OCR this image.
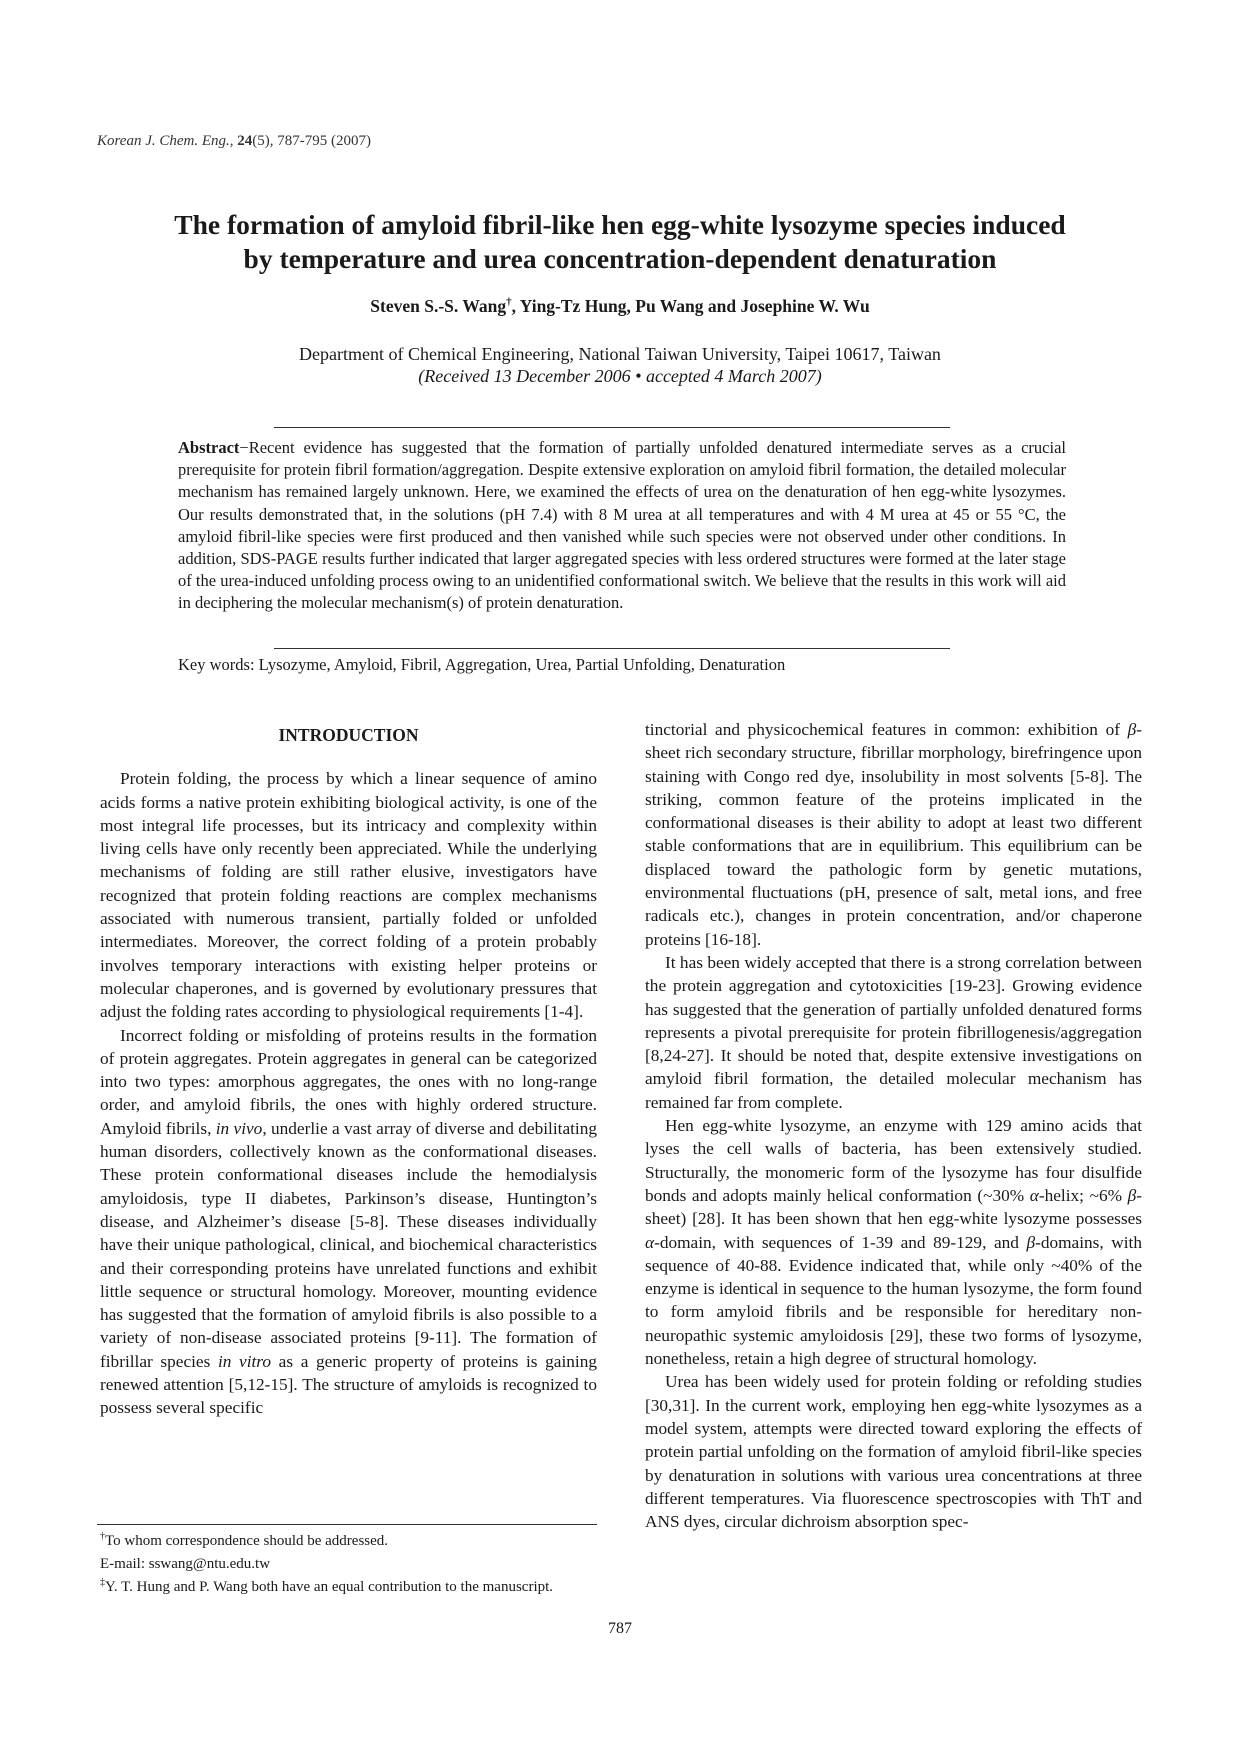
Korean J. Chem. Eng., 24(5), 787-795 (2007)
The formation of amyloid fibril-like hen egg-white lysozyme species induced
by temperature and urea concentration-dependent denaturation
Steven S.-S. Wang†, Ying-Tz Hung, Pu Wang and Josephine W. Wu
Department of Chemical Engineering, National Taiwan University, Taipei 10617, Taiwan
(Received 13 December 2006 • accepted 4 March 2007)
Abstract−Recent evidence has suggested that the formation of partially unfolded denatured intermediate serves as a crucial prerequisite for protein fibril formation/aggregation. Despite extensive exploration on amyloid fibril formation, the detailed molecular mechanism has remained largely unknown. Here, we examined the effects of urea on the denaturation of hen egg-white lysozymes. Our results demonstrated that, in the solutions (pH 7.4) with 8 M urea at all temperatures and with 4 M urea at 45 or 55 °C, the amyloid fibril-like species were first produced and then vanished while such species were not observed under other conditions. In addition, SDS-PAGE results further indicated that larger aggregated species with less ordered structures were formed at the later stage of the urea-induced unfolding process owing to an unidentified conformational switch. We believe that the results in this work will aid in deciphering the molecular mechanism(s) of protein denaturation.
Key words: Lysozyme, Amyloid, Fibril, Aggregation, Urea, Partial Unfolding, Denaturation
INTRODUCTION

Protein folding, the process by which a linear sequence of amino acids forms a native protein exhibiting biological activity, is one of the most integral life processes, but its intricacy and complexity within living cells have only recently been appreciated. While the underlying mechanisms of folding are still rather elusive, investigators have recognized that protein folding reactions are complex mechanisms associated with numerous transient, partially folded or unfolded intermediates. Moreover, the correct folding of a protein probably involves temporary interactions with existing helper proteins or molecular chaperones, and is governed by evolutionary pressures that adjust the folding rates according to physiological requirements [1-4].

Incorrect folding or misfolding of proteins results in the formation of protein aggregates. Protein aggregates in general can be categorized into two types: amorphous aggregates, the ones with no long-range order, and amyloid fibrils, the ones with highly ordered structure. Amyloid fibrils, in vivo, underlie a vast array of diverse and debilitating human disorders, collectively known as the conformational diseases. These protein conformational diseases include the hemodialysis amyloidosis, type II diabetes, Parkinson’s disease, Huntington’s disease, and Alzheimer’s disease [5-8]. These diseases individually have their unique pathological, clinical, and biochemical characteristics and their corresponding proteins have unrelated functions and exhibit little sequence or structural homology. Moreover, mounting evidence has suggested that the formation of amyloid fibrils is also possible to a variety of non-disease associated proteins [9-11]. The formation of fibrillar species in vitro as a generic property of proteins is gaining renewed attention [5,12-15]. The structure of amyloids is recognized to possess several specific

tinctorial and physicochemical features in common: exhibition of β-sheet rich secondary structure, fibrillar morphology, birefringence upon staining with Congo red dye, insolubility in most solvents [5-8]. The striking, common feature of the proteins implicated in the conformational diseases is their ability to adopt at least two different stable conformations that are in equilibrium. This equilibrium can be displaced toward the pathologic form by genetic mutations, environmental fluctuations (pH, presence of salt, metal ions, and free radicals etc.), changes in protein concentration, and/or chaperone proteins [16-18].

It has been widely accepted that there is a strong correlation between the protein aggregation and cytotoxicities [19-23]. Growing evidence has suggested that the generation of partially unfolded denatured forms represents a pivotal prerequisite for protein fibrillogenesis/aggregation [8,24-27]. It should be noted that, despite extensive investigations on amyloid fibril formation, the detailed molecular mechanism has remained far from complete.

Hen egg-white lysozyme, an enzyme with 129 amino acids that lyses the cell walls of bacteria, has been extensively studied. Structurally, the monomeric form of the lysozyme has four disulfide bonds and adopts mainly helical conformation (~30% α-helix; ~6% β-sheet) [28]. It has been shown that hen egg-white lysozyme possesses α-domain, with sequences of 1-39 and 89-129, and β-domains, with sequence of 40-88. Evidence indicated that, while only ~40% of the enzyme is identical in sequence to the human lysozyme, the form found to form amyloid fibrils and be responsible for hereditary non-neuropathic systemic amyloidosis [29], these two forms of lysozyme, nonetheless, retain a high degree of structural homology.

Urea has been widely used for protein folding or refolding studies [30,31]. In the current work, employing hen egg-white lysozymes as a model system, attempts were directed toward exploring the effects of protein partial unfolding on the formation of amyloid fibril-like species by denaturation in solutions with various urea concentrations at three different temperatures. Via fluorescence spectroscopies with ThT and ANS dyes, circular dichroism absorption spec-

†To whom correspondence should be addressed.
E-mail: sswang@ntu.edu.tw
‡Y. T. Hung and P. Wang both have an equal contribution to the manuscript.
787
